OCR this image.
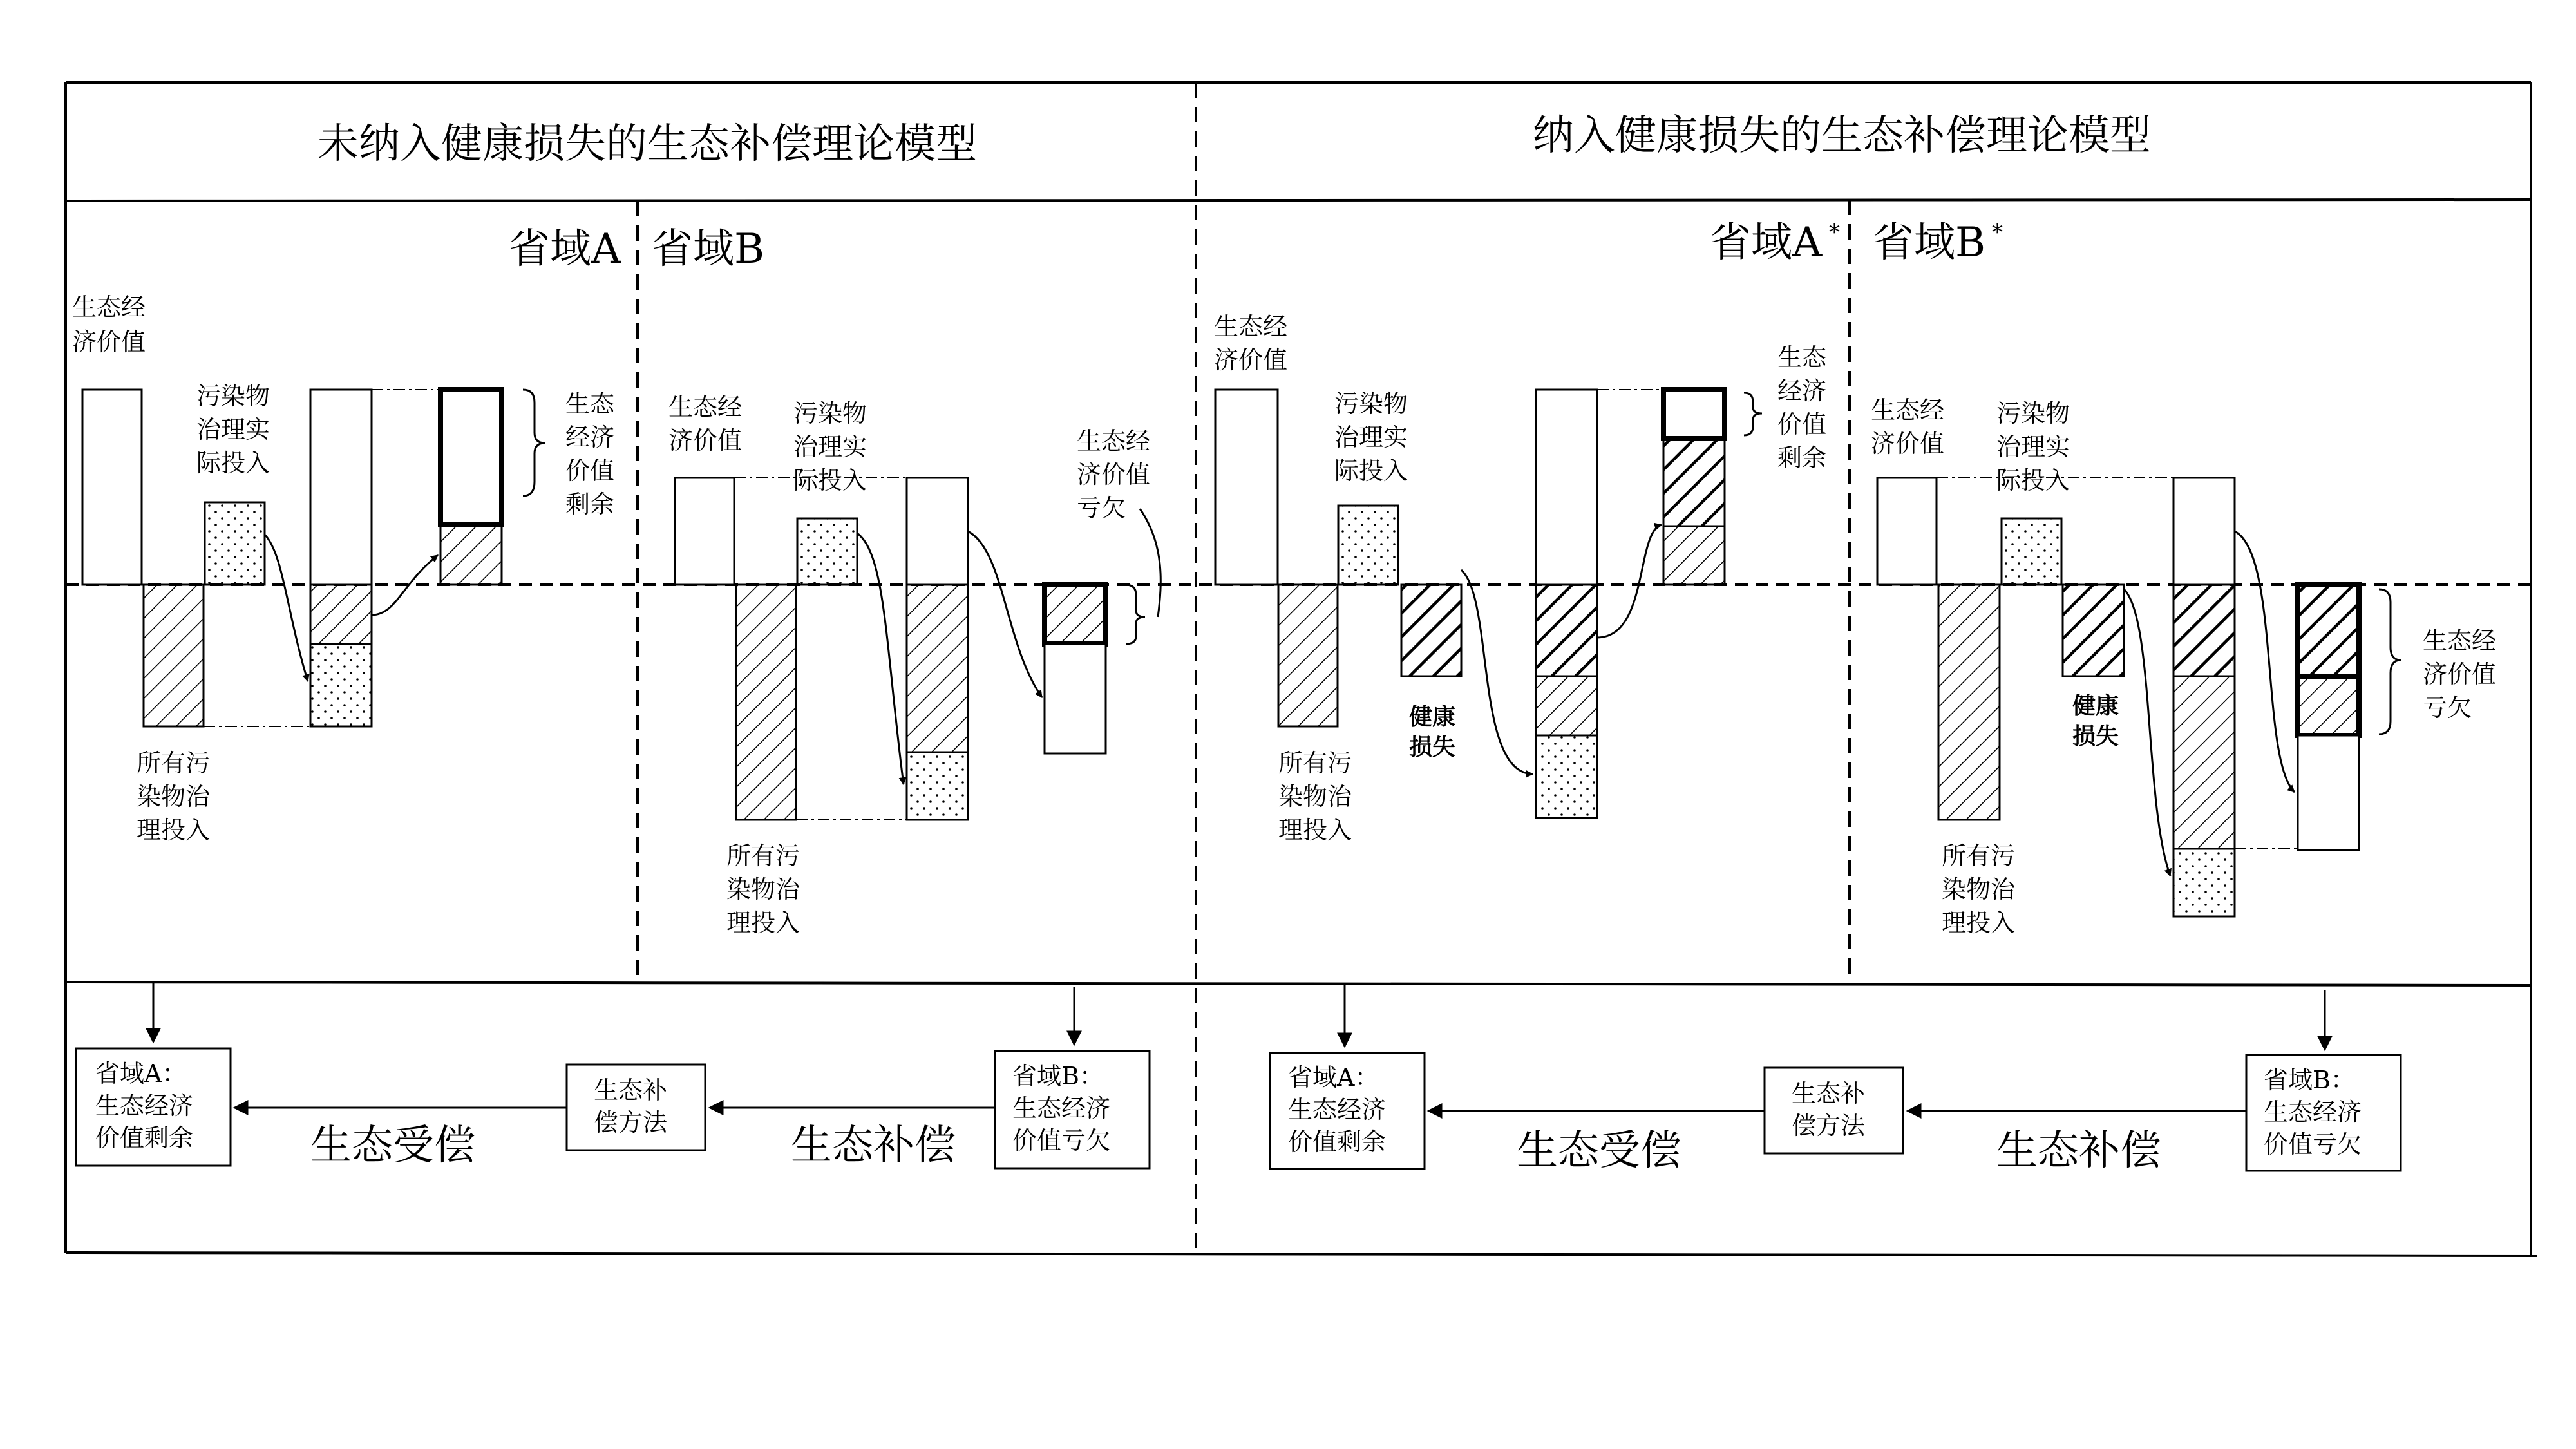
未纳入健康损失的生态补偿理论模型	纳入健康损失的生态补偿理论模型
省域A 省域B	省域A * 省域B *
生态经 济价值
污染物 治理实 际投入
所有污 染物治 理投入
生态 经济 价值 剩余
生态经 济价值
污染物 治理实 际投入
所有污 染物治 理投入
生态经 济价值 亏欠
生态经 济价值
污染物 治理实 际投入
所有污 染物治 理投入
健康 损失
生态 经济 价值 剩余
生态经 济价值
污染物 治理实 际投入
所有污 染物治 理投入
健康 损失
生态经 济价值 亏欠
省域A： 生态经济 价值剩余
省域B： 生态经济 价值亏欠
生态补 偿方法
生态受偿	生态补偿
省域A： 生态经济 价值剩余
省域B： 生态经济 价值亏欠
生态补 偿方法
生态受偿	生态补偿
